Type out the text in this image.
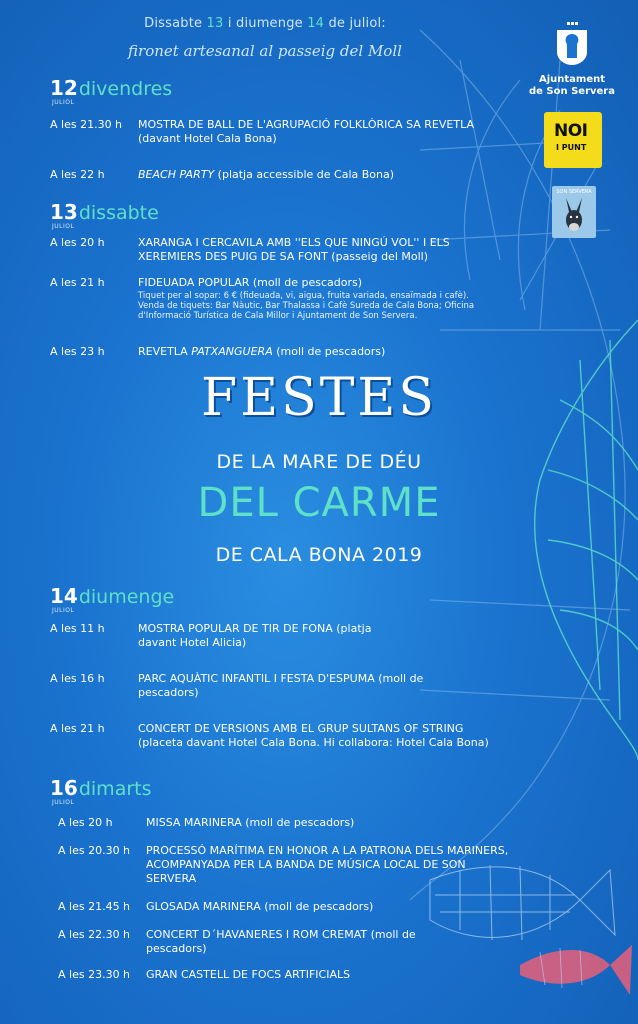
Dissabte 13 i diumenge 14 de juliol:
fironet artesanal al passeig del Moll
Ajuntament
de Son Servera
NOI
I PUNT
SON SERVERA
12divendres
JULIOL
A les 21.30 h MOSTRA DE BALL DE L'AGRUPACIÓ FOLKLÒRICA SA REVETLA (davant Hotel Cala Bona)
A les 22 h	BEACH PARTY (platja accessible de Cala Bona)
13dissabte
JULIOL
A les 20 h	XARANGA I CERCAVILA AMB ''ELS QUE NINGÚ VOL'' I ELS XEREMIERS DES PUIG DE SA FONT (passeig del Moll)
A les 21 h	FIDEUADA POPULAR (moll de pescadors)
Tiquet per al sopar: 6 € (fideuada, vi, aigua, fruita variada, ensaïmada i cafè). Venda de tiquets: Bar Nàutic, Bar Thalassa i Cafè Sureda de Cala Bona; Oficina d'Informació Turística de Cala Millor i Ajuntament de Son Servera.
A les 23 h	REVETLA PATXANGUERA (moll de pescadors)
FESTES
DE LA MARE DE DÉU
DEL CARME
DE CALA BONA 2019
14diumenge
JULIOL
A les 11 h	MOSTRA POPULAR DE TIR DE FONA (platja davant Hotel Alicia)
A les 16 h	PARC AQUÀTIC INFANTIL I FESTA D'ESPUMA (moll de pescadors)
A les 21 h	CONCERT DE VERSIONS AMB EL GRUP SULTANS OF STRING (placeta davant Hotel Cala Bona. Hi collabora: Hotel Cala Bona)
16dimarts
JULIOL
A les 20 h	MISSA MARINERA (moll de pescadors)
A les 20.30 h PROCESSÓ MARÍTIMA EN HONOR A LA PATRONA DELS MARINERS, ACOMPANYADA PER LA BANDA DE MÚSICA LOCAL DE SON SERVERA
A les 21.45 h GLOSADA MARINERA (moll de pescadors)
A les 22.30 h CONCERT D´HAVANERES I ROM CREMAT (moll de pescadors)
A les 23.30 h GRAN CASTELL DE FOCS ARTIFICIALS
